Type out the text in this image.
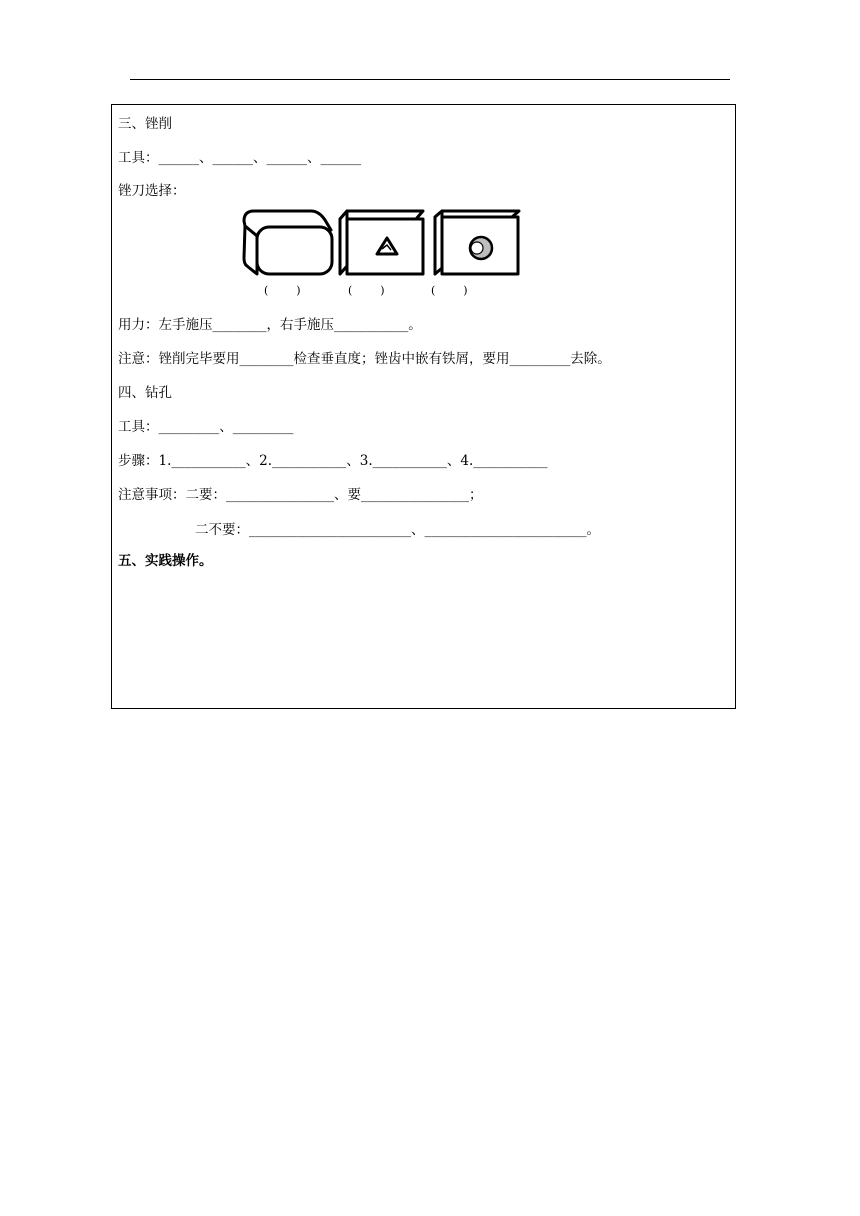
三、锉削
工具：______、______、______、______
锉刀选择：
(        )	(        )	(        )
用力：左手施压________，右手施压___________。
注意：锉削完毕要用________检查垂直度；锉齿中嵌有铁屑，要用_________去除。
四、钻孔
工具：_________、_________
步骤：1.___________、2.___________、3.___________、4.___________
注意事项：二要：________________、要________________；
二不要：________________________、________________________。
五、实践操作。
